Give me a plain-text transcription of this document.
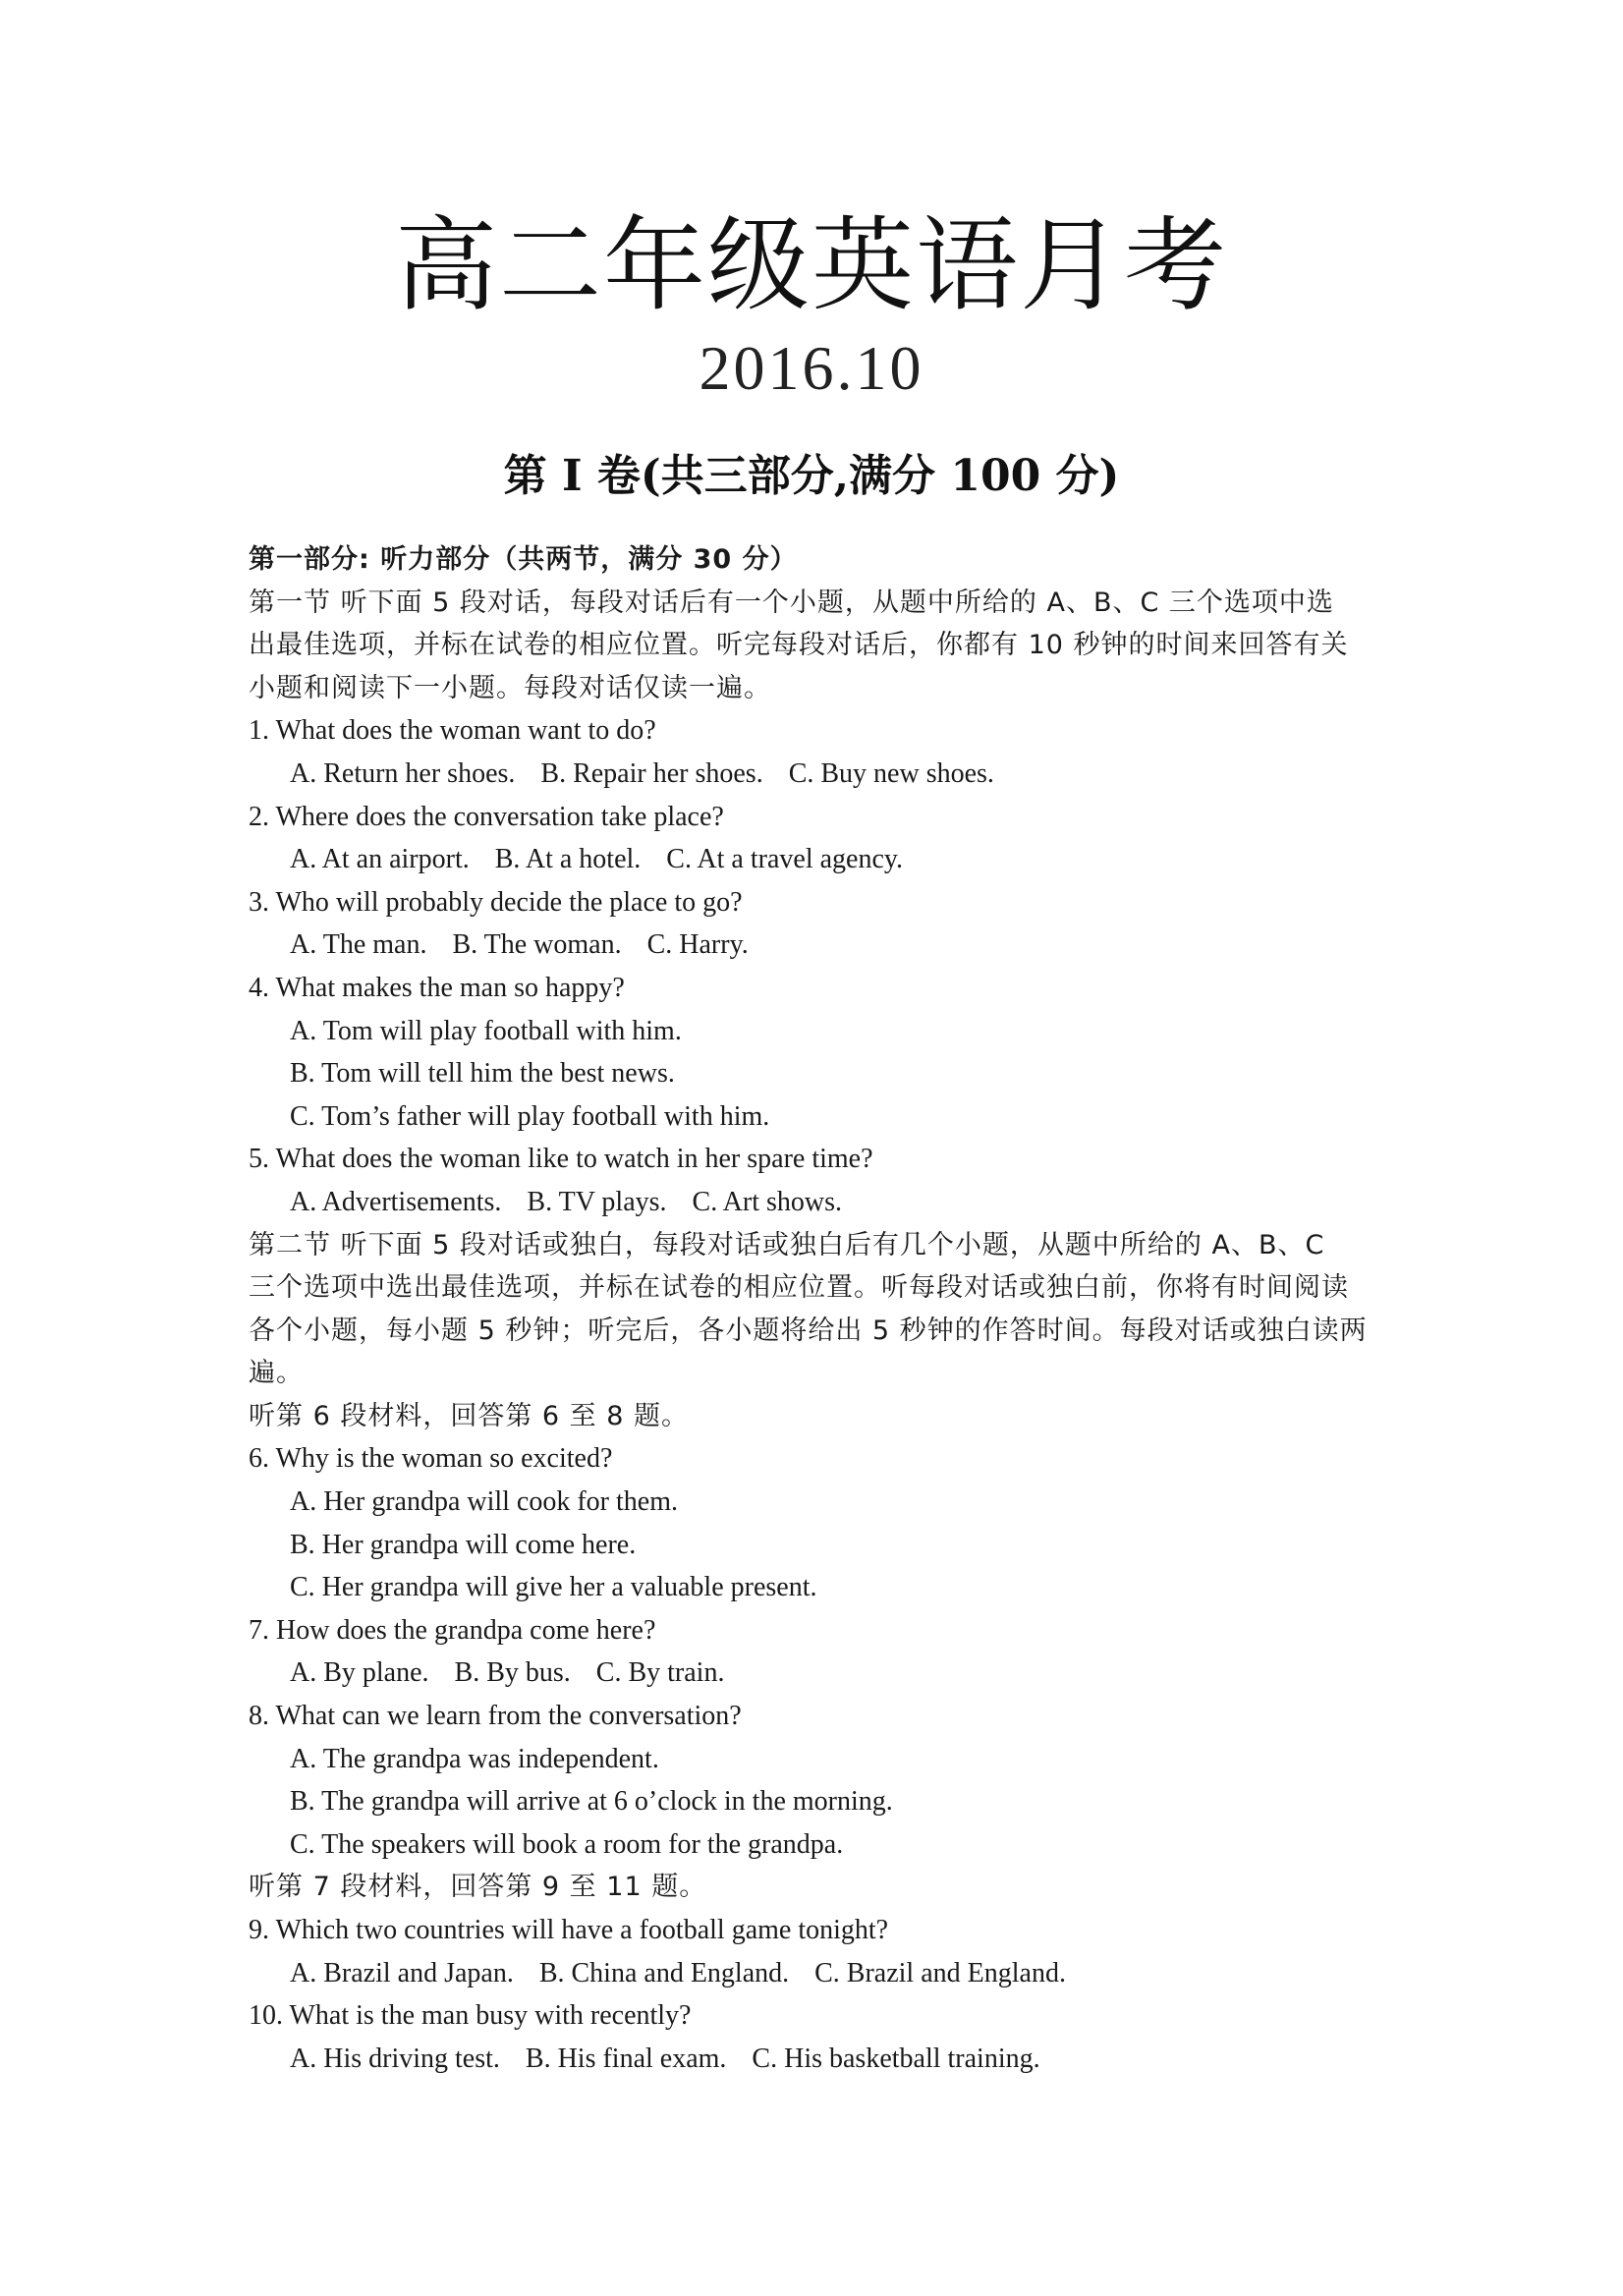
高二年级英语月考
2016.10
第 I 卷(共三部分,满分 100 分)
第一部分: 听力部分（共两节，满分 30 分）
第一节 听下面 5 段对话，每段对话后有一个小题，从题中所给的 A、B、C 三个选项中选
出最佳选项，并标在试卷的相应位置。听完每段对话后，你都有 10 秒钟的时间来回答有关
小题和阅读下一小题。每段对话仅读一遍。
1. What does the woman want to do?
A. Return her shoes. B. Repair her shoes. C. Buy new shoes.
2. Where does the conversation take place?
A. At an airport. B. At a hotel. C. At a travel agency.
3. Who will probably decide the place to go?
A. The man. B. The woman. C. Harry.
4. What makes the man so happy?
A. Tom will play football with him.
B. Tom will tell him the best news.
C. Tom’s father will play football with him.
5. What does the woman like to watch in her spare time?
A. Advertisements. B. TV plays. C. Art shows.
第二节 听下面 5 段对话或独白，每段对话或独白后有几个小题，从题中所给的 A、B、C
三个选项中选出最佳选项，并标在试卷的相应位置。听每段对话或独白前，你将有时间阅读
各个小题，每小题 5 秒钟；听完后，各小题将给出 5 秒钟的作答时间。每段对话或独白读两
遍。
听第 6 段材料，回答第 6 至 8 题。
6. Why is the woman so excited?
A. Her grandpa will cook for them.
B. Her grandpa will come here.
C. Her grandpa will give her a valuable present.
7. How does the grandpa come here?
A. By plane. B. By bus. C. By train.
8. What can we learn from the conversation?
A. The grandpa was independent.
B. The grandpa will arrive at 6 o’clock in the morning.
C. The speakers will book a room for the grandpa.
听第 7 段材料，回答第 9 至 11 题。
9. Which two countries will have a football game tonight?
A. Brazil and Japan. B. China and England. C. Brazil and England.
10. What is the man busy with recently?
A. His driving test. B. His final exam. C. His basketball training.
